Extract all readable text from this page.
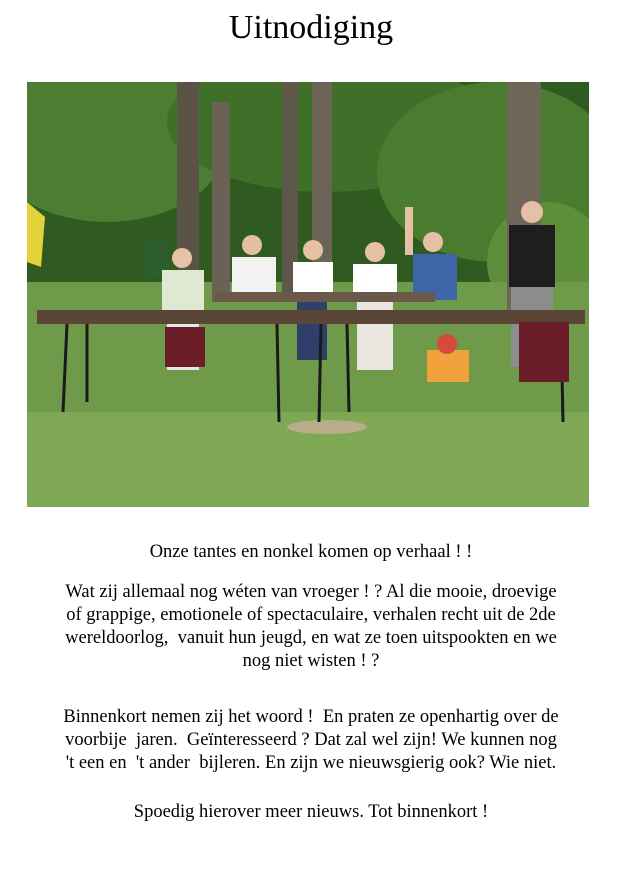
Uitnodiging

Onze tantes en nonkel komen op verhaal ! !

Wat zij allemaal nog wéten van vroeger ! ? Al die mooie, droevige
of grappige, emotionele of spectaculaire, verhalen recht uit de 2de
wereldoorlog,  vanuit hun jeugd, en wat ze toen uitspookten en we
nog niet wisten ! ?

Binnenkort nemen zij het woord !  En praten ze openhartig over de
voorbije  jaren.  Geïnteresseerd ? Dat zal wel zijn! We kunnen nog
't een en  't ander  bijleren. En zijn we nieuwsgierig ook? Wie niet.

Spoedig hierover meer nieuws. Tot binnenkort !
